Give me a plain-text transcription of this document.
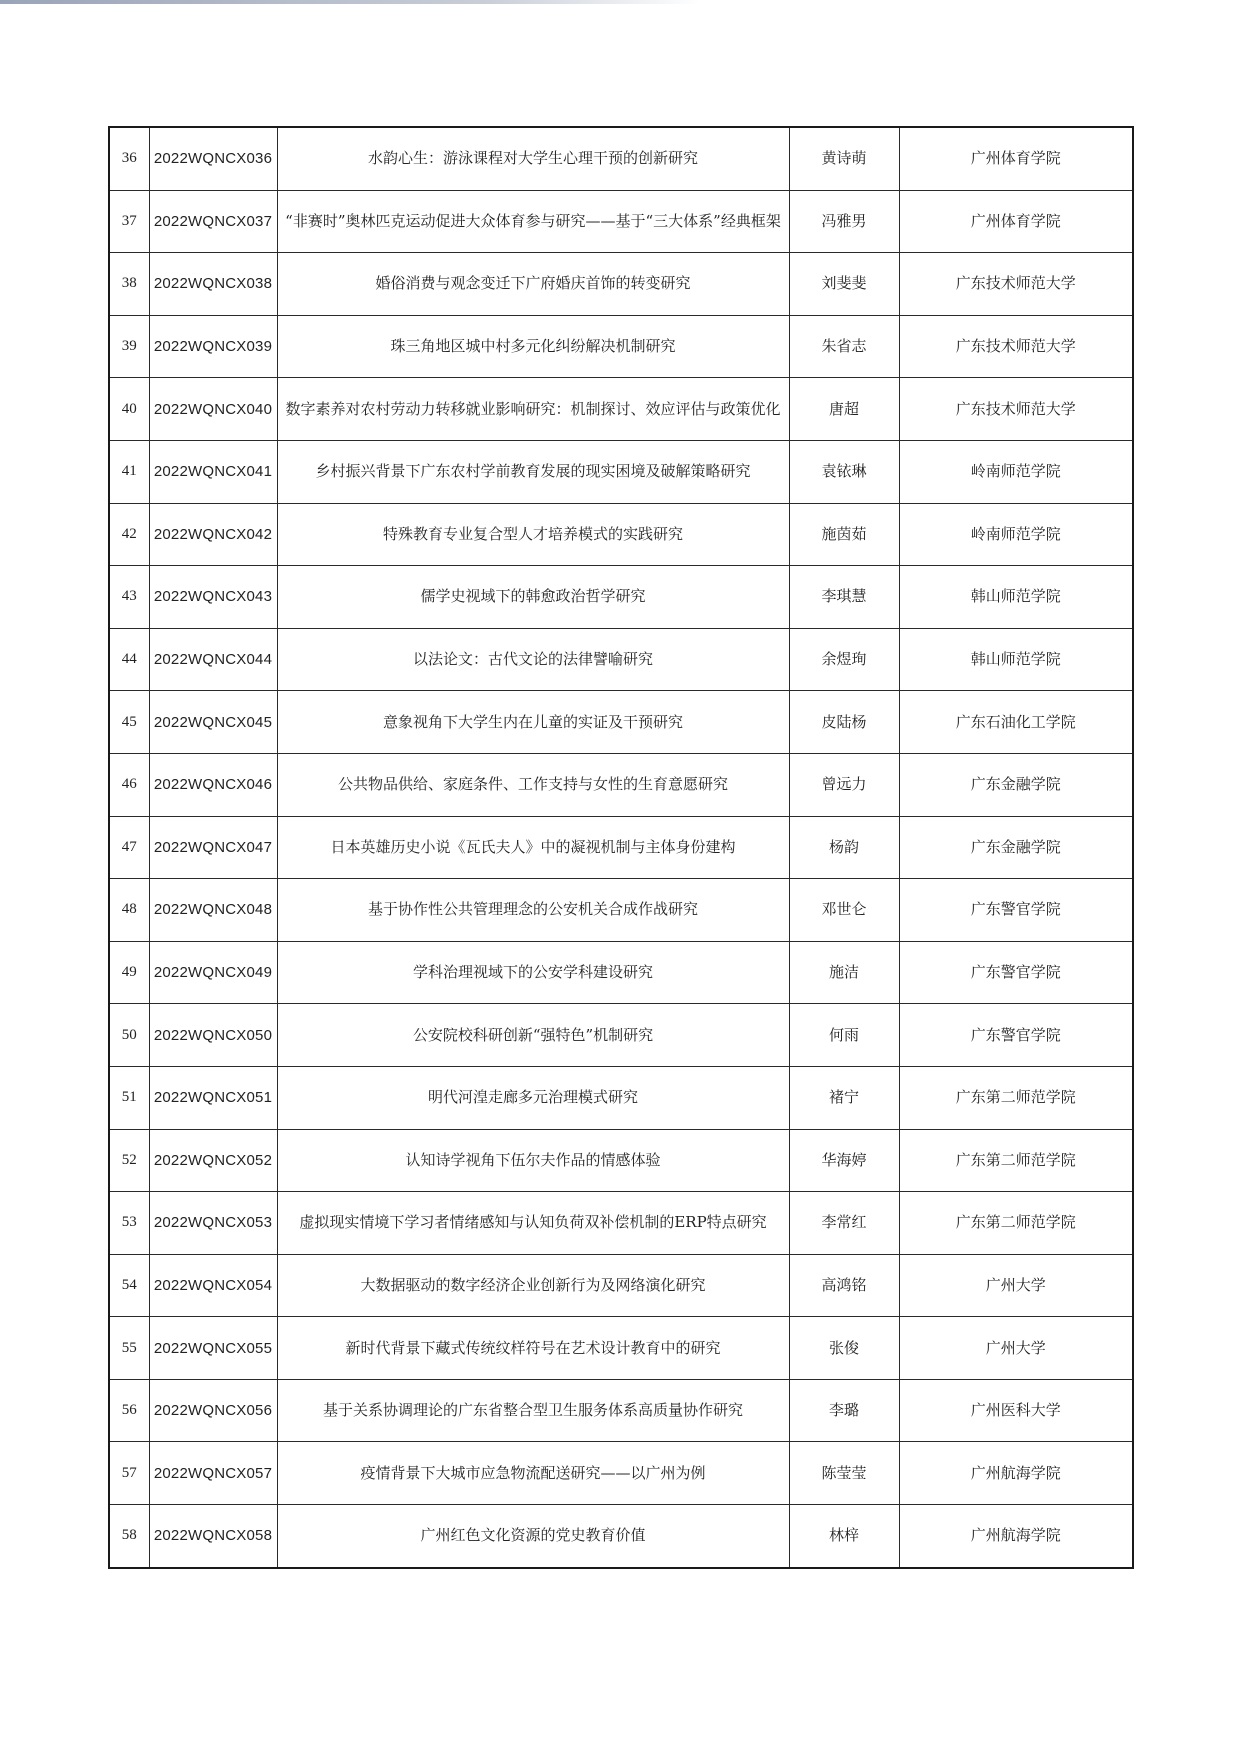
36	2022WQNCX036	水韵心生：游泳课程对大学生心理干预的创新研究	黄诗萌	广州体育学院
37	2022WQNCX037	“非赛时”奥林匹克运动促进大众体育参与研究——基于“三大体系”经典框架	冯雅男	广州体育学院
38	2022WQNCX038	婚俗消费与观念变迁下广府婚庆首饰的转变研究	刘斐斐	广东技术师范大学
39	2022WQNCX039	珠三角地区城中村多元化纠纷解决机制研究	朱省志	广东技术师范大学
40	2022WQNCX040	数字素养对农村劳动力转移就业影响研究：机制探讨、效应评估与政策优化	唐超	广东技术师范大学
41	2022WQNCX041	乡村振兴背景下广东农村学前教育发展的现实困境及破解策略研究	袁铱琳	岭南师范学院
42	2022WQNCX042	特殊教育专业复合型人才培养模式的实践研究	施茵茹	岭南师范学院
43	2022WQNCX043	儒学史视域下的韩愈政治哲学研究	李琪慧	韩山师范学院
44	2022WQNCX044	以法论文：古代文论的法律譬喻研究	余煜珣	韩山师范学院
45	2022WQNCX045	意象视角下大学生内在儿童的实证及干预研究	皮陆杨	广东石油化工学院
46	2022WQNCX046	公共物品供给、家庭条件、工作支持与女性的生育意愿研究	曾远力	广东金融学院
47	2022WQNCX047	日本英雄历史小说《瓦氏夫人》中的凝视机制与主体身份建构	杨韵	广东金融学院
48	2022WQNCX048	基于协作性公共管理理念的公安机关合成作战研究	邓世仑	广东警官学院
49	2022WQNCX049	学科治理视域下的公安学科建设研究	施洁	广东警官学院
50	2022WQNCX050	公安院校科研创新“强特色”机制研究	何雨	广东警官学院
51	2022WQNCX051	明代河湟走廊多元治理模式研究	褚宁	广东第二师范学院
52	2022WQNCX052	认知诗学视角下伍尔夫作品的情感体验	华海婷	广东第二师范学院
53	2022WQNCX053	虚拟现实情境下学习者情绪感知与认知负荷双补偿机制的ERP特点研究	李常红	广东第二师范学院
54	2022WQNCX054	大数据驱动的数字经济企业创新行为及网络演化研究	高鸿铭	广州大学
55	2022WQNCX055	新时代背景下藏式传统纹样符号在艺术设计教育中的研究	张俊	广州大学
56	2022WQNCX056	基于关系协调理论的广东省整合型卫生服务体系高质量协作研究	李璐	广州医科大学
57	2022WQNCX057	疫情背景下大城市应急物流配送研究——以广州为例	陈莹莹	广州航海学院
58	2022WQNCX058	广州红色文化资源的党史教育价值	林梓	广州航海学院
